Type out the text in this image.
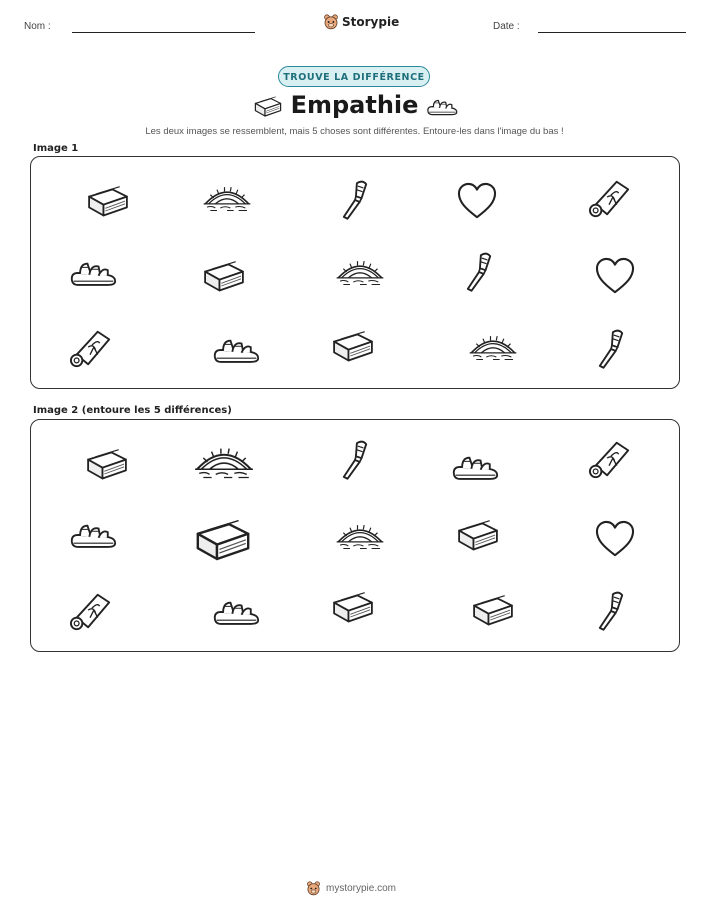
Nom :	Storypie	Date :
TROUVE LA DIFFÉRENCE
Empathie
Les deux images se ressemblent, mais 5 choses sont différentes. Entoure-les dans l'image du bas !
Image 1
Image 2 (entoure les 5 différences)
mystorypie.com
